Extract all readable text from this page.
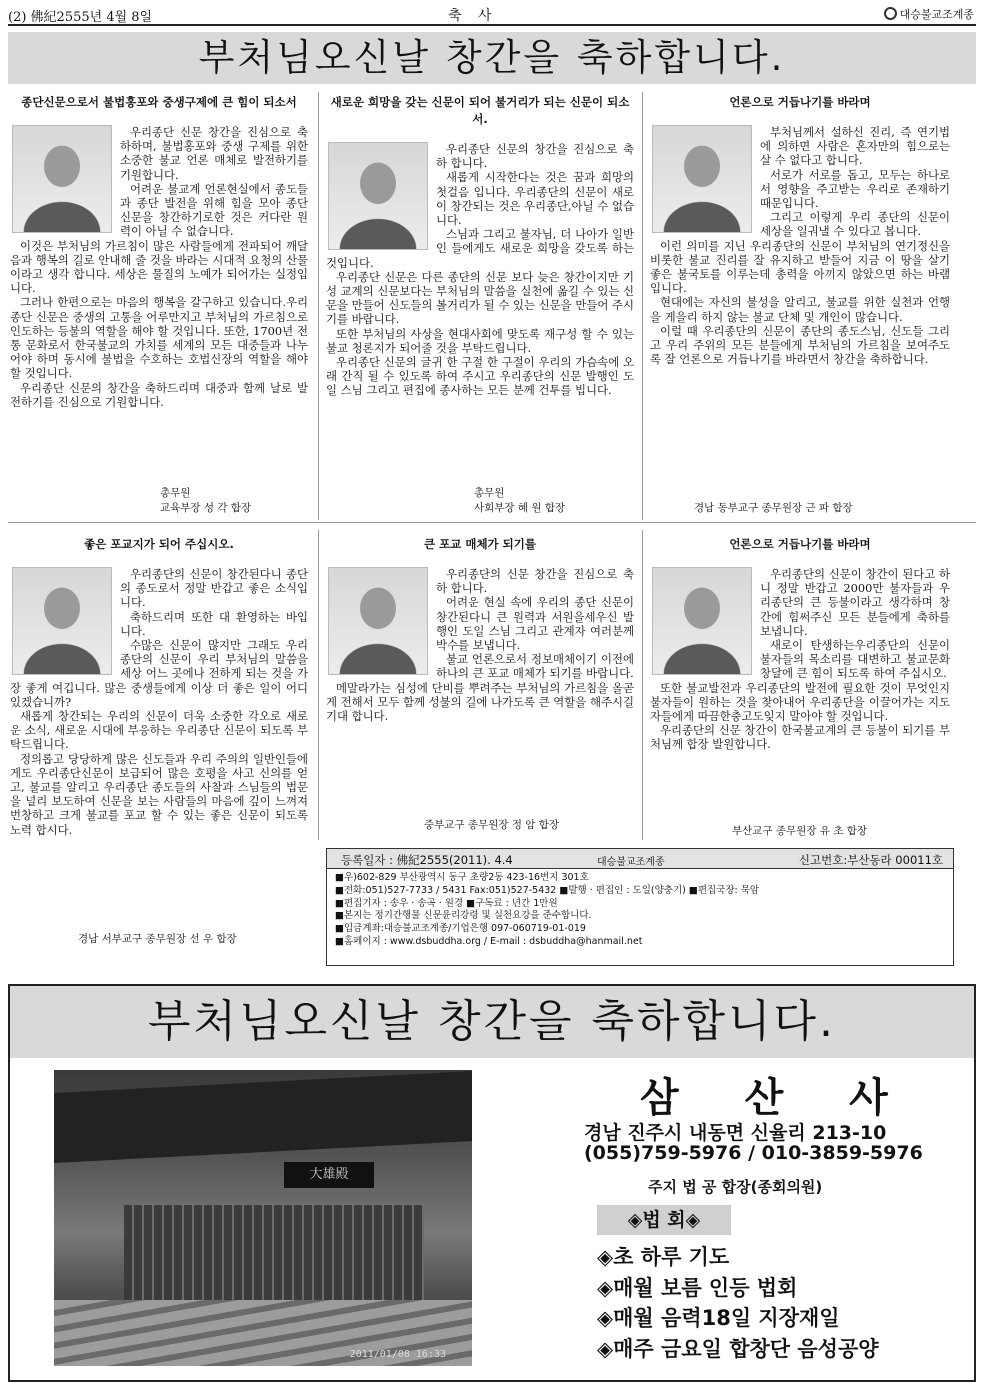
(2) 佛紀2555년 4월 8일	축 사	대승불교조계종
부처님오신날 창간을 축하합니다.
종단신문으로서 불법홍포와 중생구제에 큰 힘이 되소서

우리종단 신문 창간을 진심으로 축하하며, 불법홍포와 중생 구제를 위한 소중한 불교 언론 매체로 발전하기를 기원합니다.

어려운 불교계 언론현실에서 종도들과 종단 발전을 위해 힘을 모아 종단 신문을 창간하기로한 것은 커다란 원력이 아닐 수 없습니다.

이것은 부처님의 가르침이 많은 사람들에게 전파되어 깨달음과 행복의 길로 안내해 줄 것을 바라는 시대적 요청의 산물이라고 생각 합니다. 세상은 물질의 노예가 되어가는 실정입니다.

그러나 한편으로는 마음의 행복을 갈구하고 있습니다.우리종단 신문은 중생의 고통을 어루만지고 부처님의 가르침으로 인도하는 등불의 역할을 해야 할 것입니다. 또한, 1700년 전통 문화로서 한국불교의 가치를 세계의 모든 대중들과 나누어야 하며 동시에 불법을 수호하는 호법신장의 역할을 해야 할 것입니다.

우리종단 신문의 창간을 축하드리며 대중과 함께 날로 발전하기를 진심으로 기원합니다.

총무원
교육부장 성 각 합장
새로운 희망을 갖는 신문이 되어 불거리가 되는 신문이 되소서.

우리종단 신문의 창간을 진심으로 축하 합니다.

새롭게 시작한다는 것은 꿈과 희망의 첫걸음 입니다. 우리종단의 신문이 새로이 창간되는 것은 우리종단,아닐 수 없습니다.

스님과 그리고 불자님, 더 나아가 일반인 들에게도 새로운 희망을 갖도록 하는 것입니다.

우리종단 신문은 다른 종단의 신문 보다 늦은 창간이지만 기성 교계의 신문보다는 부처님의 말씀을 실천에 옮길 수 있는 신문을 만들어 신도들의 볼거리가 될 수 있는 신문을 만들어 주시기를 바랍니다.

또한 부처님의 사상을 현대사회에 맞도록 재구성 할 수 있는 불교 청론지가 되어줄 것을 부탁드립니다.

우리종단 신문의 글귀 한 구절 한 구절이 우리의 가슴속에 오래 간직 될 수 있도록 하여 주시고 우리종단의 신문 발행인 도일 스님 그리고 편집에 종사하는 모든 분께 건투를 빕니다.

총무원
사회부장 혜 원 합장
언론으로 거듭나기를 바라며

부처님께서 설하신 진리, 즉 연기법에 의하면 사람은 혼자만의 힘으로는 살 수 없다고 합니다.

서로가 서로를 돕고, 모두는 하나로서 영향을 주고받는 우리로 존재하기 때문입니다.

그리고 이렇게 우리 종단의 신문이 세상을 일궈낼 수 있다고 봅니다.

이런 의미를 지닌 우리종단의 신문이 부처님의 연기정신을 비롯한 불교 진리를 잘 유지하고 받들어 지금 이 땅을 살기 좋은 불국토를 이루는데 총력을 아끼지 않았으면 하는 바램입니다.

현대에는 자신의 불성을 알리고, 불교를 위한 실천과 언행을 게을리 하지 않는 불교 단체 및 개인이 많습니다.

이럴 때 우리종단의 신문이 종단의 종도스님, 신도들 그리고 우리 주위의 모든 분들에게 부처님의 가르침을 보여주도록 잘 언론으로 거듭나기를 바라면서 창간을 축하합니다.

경남 동부교구 종무원장 근 파 합장
좋은 포교지가 되어 주십시오.

우리종단의 신문이 창간된다니 종단의 종도로서 정말 반갑고 좋은 소식입니다.

축하드리며 또한 대 환영하는 바입니다.

수많은 신문이 많지만 그래도 우리 종단의 신문이 우리 부처님의 말씀을 세상 어느 곳에나 전하게 되는 것을 가장 좋게 여깁니다. 많은 중생들에게 이상 더 좋은 일이 어디 있겠습니까?

새롭게 창간되는 우리의 신문이 더욱 소중한 각오로 새로운 소식, 새로운 시대에 부응하는 우리종단 신문이 되도록 부탁드립니다.

정의롭고 당당하게 많은 신도들과 우리 주의의 일반인들에게도 우리종단신문이 보급되어 많은 호평을 사고 신의를 얻고, 불교를 알리고 우리종단 종도들의 사찰과 스님들의 법문을 널리 보도하여 신문을 보는 사람들의 마음에 깊이 느껴져 번창하고 크게 불교를 포교 할 수 있는 좋은 신문이 되도록 노력 합시다.

경남 서부교구 종무원장 선 우 합장
큰 포교 매체가 되기를

우리종단의 신문 창간을 진심으로 축하 합니다.

어려운 현실 속에 우리의 종단 신문이 창간된다니 큰 원력과 서원을세우신 발행인 도일 스님 그리고 관계자 여러분께 박수를 보냅니다.

불교 언론으로서 정보매체이기 이전에 하나의 큰 포교 매체가 되기를 바랍니다.

메말라가는 심성에 단비를 뿌려주는 부처님의 가르침을 올곧게 전해서 모두 함께 성불의 길에 나가도록 큰 역할을 해주시길 기대 합니다.

중부교구 종무원장 정 암 합장
언론으로 거듭나기를 바라며

우리종단의 신문이 창간이 된다고 하니 정말 반갑고 2000만 불자들과 우리종단의 큰 등불이라고 생각하며 창간에 힘써주신 모든 분들에게 축하를 보냅니다.

새로이 탄생하는우리종단의 신문이 불자들의 목소리를 대변하고 불교문화 창달에 큰 힘이 되도록 하여 주십시오.

또한 불교발전과 우리종단의 발전에 필요한 것이 무엇인지 불자들이 원하는 것을 찾아내어 우리종단을 이끌어가는 지도자들에게 따끔한충고도잊지 말아야 할 것입니다.

우리종단의 신문 창간이 한국불교계의 큰 등불이 되기를 부처님께 합장 발원합니다.

부산교구 종무원장 유 초 합장
등록일자 : 佛紀2555(2011). 4.4	대승불교조계종	신고번호:부산동라 00011호
■우)602-829 부산광역시 동구 초량2동 423-16번지 301호
■전화:051)527-7733 / 5431 Fax:051)527-5432 ■발행 · 편집인 : 도일(양충기) ■편집국장: 묵암
■편집기자 : 송우 · 송곡 · 원경 ■구독료 : 년간 1만원
■본지는 정기간행물 신문윤리강령 및 실천요강을 준수합니다.
■입금계좌:대승불교조계종/기업은행 097-060719-01-019
■홈페이지 : www.dsbuddha.org / E-mail : dsbuddha@hanmail.net
부처님오신날 창간을 축하합니다.
大雄殿
2011/01/08 16:33
삼 산 사
경남 진주시 내동면 신율리 213-10
(055)759-5976 / 010-3859-5976
주지 법 공 합장(종회의원)
◈법 회◈
◈초 하루 기도
◈매월 보름 인등 법회
◈매월 음력18일 지장재일
◈매주 금요일 합창단 음성공양
